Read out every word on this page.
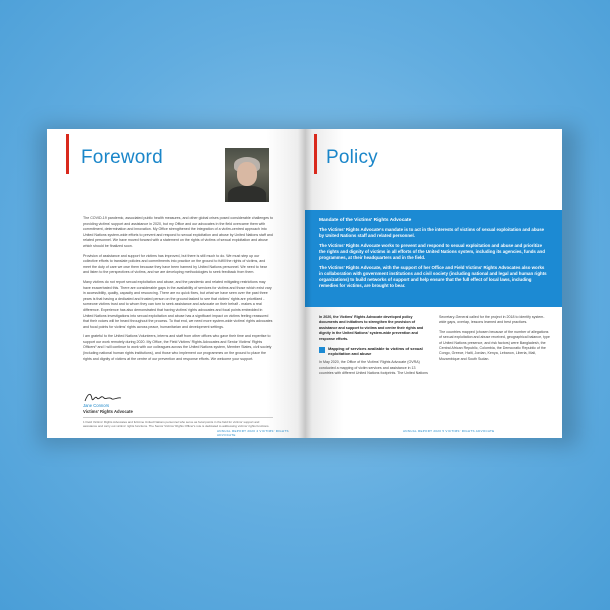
Foreword

The COVID-19 pandemic, associated public health measures, and other global crises posed considerable challenges to providing victims' support and assistance in 2020, but my Office and our advocates in the field overcame them with commitment, determination and innovation. My Office strengthened the integration of a victim-centred approach into United Nations system-wide efforts to prevent and respond to sexual exploitation and abuse by United Nations staff and related personnel. We have moved forward with a statement on the rights of victims of sexual exploitation and abuse which should be finalized soon.

Provision of assistance and support for victims has improved, but there is still much to do. We must step up our collective efforts to translate policies and commitments into practice on the ground to fulfill the rights of victims, and meet the duty of care we owe them because they have been harmed by United Nations personnel. We need to hear and listen to the perspectives of victims, and we are developing methodologies to seek feedback from them.

Many victims do not report sexual exploitation and abuse, and the pandemic and related mitigating restrictions may have exacerbated this. There are considerable gaps in the availability of services for victims and those which exist vary in accessibility, quality, capacity and resourcing. There are no quick fixes, but what we have seen over the past three years is that having a dedicated and trusted person on the ground tasked to see that victims' rights are prioritized - someone victims trust and to whom they can turn to seek assistance and advocate on their behalf - makes a real difference. Experience has also demonstrated that having victims' rights advocates and focal points embedded in United Nations investigations into sexual exploitation and abuse has a significant impact on victims feeling reassured that their voices will be heard throughout the process. To that end, we need more system-wide victims' rights advocates and focal points for victims' rights across peace, humanitarian and development settings.

I am grateful to the United Nations Volunteers, interns and staff from other offices who gave their time and expertise to support our work remotely during 2020. My Office, the Field Victims' Rights Advocates and Senior Victims' Rights Officers¹ and I will continue to work with our colleagues across the United Nations system, Member States, civil society (including national human rights institutions), and those who implement our programmes on the ground to place the rights and dignity of victims at the centre of our prevention and response efforts. We welcome your support.

Jane Connors
Victims' Rights Advocate
1 Field Victims' Rights Advocates and full-time United Nations personnel who serve as focal points in the field for victims' support and assistance and carry out victims' rights functions. The Senior Victims' Rights Officer's role is dedicated to addressing victims' rights functions.
ANNUAL REPORT 2020 4 VICTIMS' RIGHTS ADVOCATE
Policy
Mandate of the Victims' Rights Advocate

The Victims' Rights Advocate's mandate is to act in the interests of victims of sexual exploitation and abuse by United Nations staff and related personnel.

The Victims' Rights Advocate works to prevent and respond to sexual exploitation and abuse and prioritize the rights and dignity of victims in all efforts of the United Nations system, including its agencies, funds and programmes, at their headquarters and in the field.

The Victims' Rights Advocate, with the support of her Office and Field Victims' Rights Advocates also works in collaboration with government institutions and civil society (including national and legal and human rights organizations) to build networks of support and help ensure that the full effect of local laws, including remedies for victims, are brought to bear.

In 2020, the Victims' Rights Advocate developed policy documents and initiatives to strengthen the provision of assistance and support to victims and centre their rights and dignity in the United Nations' system-wide prevention and response efforts.
Mapping of services available to victims of sexual exploitation and abuse

In May 2020, the Office of the Victims' Rights Advocate (OVRA) conducted a mapping of victim services and assistance in 13 countries with different United Nations footprints. The United Nations

Secretary-General called for the project in 2018 to identify system-wide gaps, overlap, lessons learned and best practices.

The countries mapped (chosen because of the number of allegations of sexual exploitation and abuse received, geographical balance, type of United Nations presence, and risk factors) were Bangladesh, the Central African Republic, Colombia, the Democratic Republic of the Congo, Greece, Haiti, Jordan, Kenya, Lebanon, Liberia, Mali, Mozambique and South Sudan.

ANNUAL REPORT 2020 5 VICTIMS' RIGHTS ADVOCATE
